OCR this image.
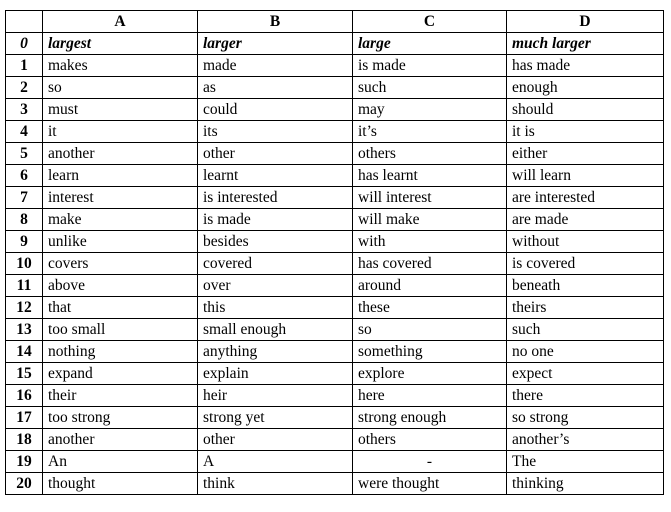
	A	B	C	D
0	largest	larger	large	much larger
1	makes	made	is made	has made
2	so	as	such	enough
3	must	could	may	should
4	it	its	it’s	it is
5	another	other	others	either
6	learn	learnt	has learnt	will learn
7	interest	is interested	will interest	are interested
8	make	is made	will make	are made
9	unlike	besides	with	without
10	covers	covered	has covered	is covered
11	above	over	around	beneath
12	that	this	these	theirs
13	too small	small enough	so	such
14	nothing	anything	something	no one
15	expand	explain	explore	expect
16	their	heir	here	there
17	too strong	strong yet	strong enough	so strong
18	another	other	others	another’s
19	An	A	-	The
20	thought	think	were thought	thinking
